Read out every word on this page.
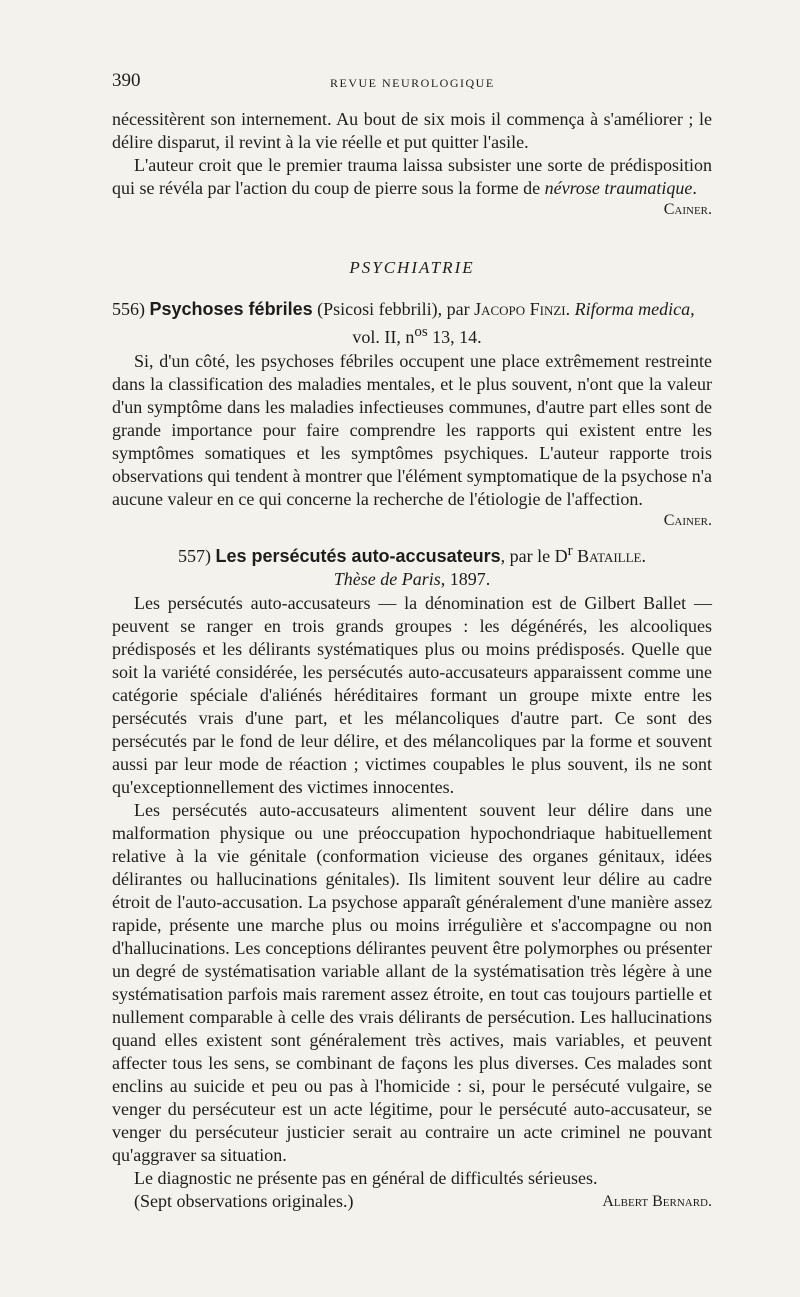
390	REVUE NEUROLOGIQUE

nécessitèrent son internement. Au bout de six mois il commença à s'améliorer ; le délire disparut, il revint à la vie réelle et put quitter l'asile.

L'auteur croit que le premier trauma laissa subsister une sorte de prédisposition qui se révéla par l'action du coup de pierre sous la forme de névrose traumatique.

Cainer.
PSYCHIATRIE
556) Psychoses fébriles (Psicosi febbrili), par Jacopo Finzi. Riforma medica,
vol. II, $n^{os}$ 13, 14.

Si, d'un côté, les psychoses fébriles occupent une place extrêmement restreinte dans la classification des maladies mentales, et le plus souvent, n'ont que la valeur d'un symptôme dans les maladies infectieuses communes, d'autre part elles sont de grande importance pour faire comprendre les rapports qui existent entre les symptômes somatiques et les symptômes psychiques. L'auteur rapporte trois observations qui tendent à montrer que l'élément symptomatique de la psychose n'a aucune valeur en ce qui concerne la recherche de l'étiologie de l'affection.

Cainer.
557) Les persécutés auto-accusateurs, par le $D^r$ Bataille.
Thèse de Paris, 1897.

Les persécutés auto-accusateurs — la dénomination est de Gilbert Ballet — peuvent se ranger en trois grands groupes : les dégénérés, les alcooliques prédisposés et les délirants systématiques plus ou moins prédisposés. Quelle que soit la variété considérée, les persécutés auto-accusateurs apparaissent comme une catégorie spéciale d'aliénés héréditaires formant un groupe mixte entre les persécutés vrais d'une part, et les mélancoliques d'autre part. Ce sont des persécutés par le fond de leur délire, et des mélancoliques par la forme et souvent aussi par leur mode de réaction ; victimes coupables le plus souvent, ils ne sont qu'exceptionnellement des victimes innocentes.

Les persécutés auto-accusateurs alimentent souvent leur délire dans une malformation physique ou une préoccupation hypochondriaque habituellement relative à la vie génitale (conformation vicieuse des organes génitaux, idées délirantes ou hallucinations génitales). Ils limitent souvent leur délire au cadre étroit de l'auto-accusation. La psychose apparaît généralement d'une manière assez rapide, présente une marche plus ou moins irrégulière et s'accompagne ou non d'hallucinations. Les conceptions délirantes peuvent être polymorphes ou présenter un degré de systématisation variable allant de la systématisation très légère à une systématisation parfois mais rarement assez étroite, en tout cas toujours partielle et nullement comparable à celle des vrais délirants de persécution. Les hallucinations quand elles existent sont généralement très actives, mais variables, et peuvent affecter tous les sens, se combinant de façons les plus diverses. Ces malades sont enclins au suicide et peu ou pas à l'homicide : si, pour le persécuté vulgaire, se venger du persécuteur est un acte légitime, pour le persécuté auto-accusateur, se venger du persécuteur justicier serait au contraire un acte criminel ne pouvant qu'aggraver sa situation.

Le diagnostic ne présente pas en général de difficultés sérieuses.

(Sept observations originales.)	Albert Bernard.
